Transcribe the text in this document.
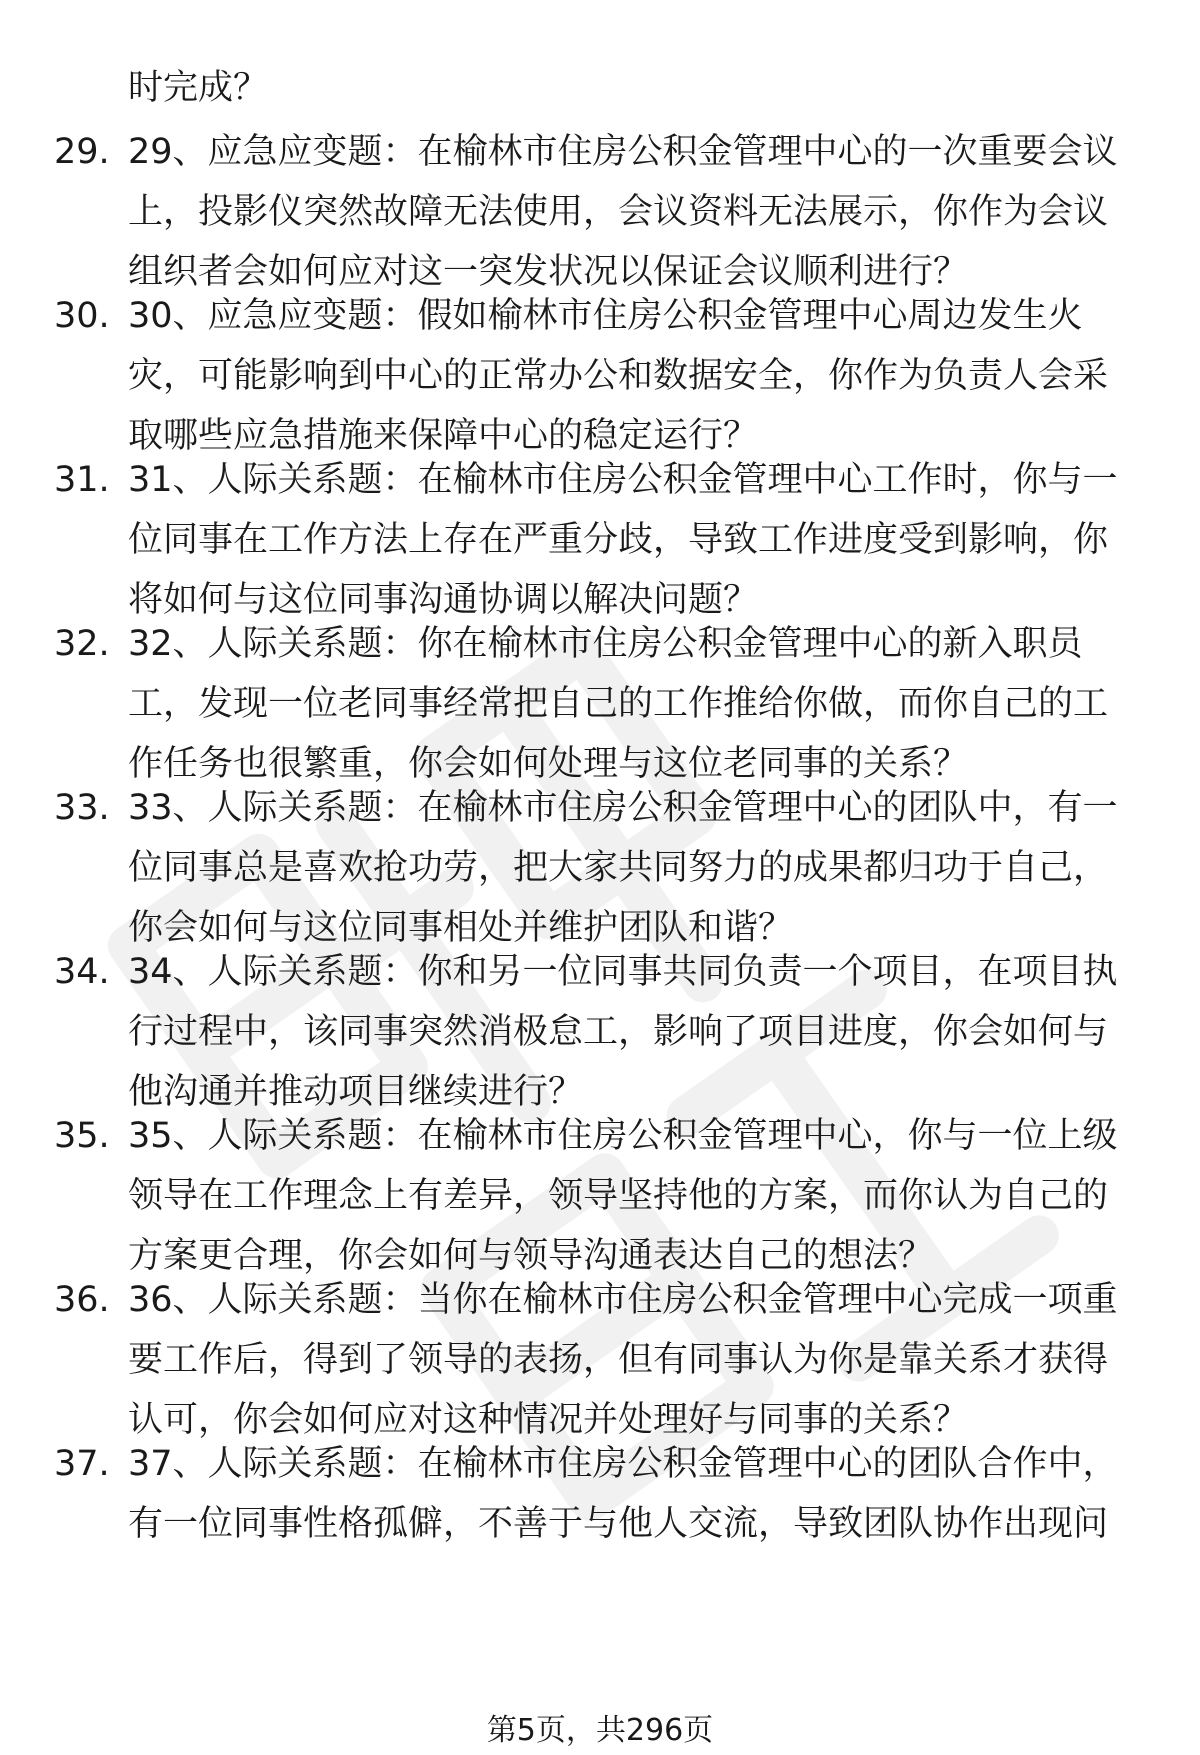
时完成？
29. 29、应急应变题：在榆林市住房公积金管理中心的一次重要会议
上，投影仪突然故障无法使用，会议资料无法展示，你作为会议
组织者会如何应对这一突发状况以保证会议顺利进行？
30. 30、应急应变题：假如榆林市住房公积金管理中心周边发生火
灾，可能影响到中心的正常办公和数据安全，你作为负责人会采
取哪些应急措施来保障中心的稳定运行？
31. 31、人际关系题：在榆林市住房公积金管理中心工作时，你与一
位同事在工作方法上存在严重分歧，导致工作进度受到影响，你
将如何与这位同事沟通协调以解决问题？
32. 32、人际关系题：你在榆林市住房公积金管理中心的新入职员
工，发现一位老同事经常把自己的工作推给你做，而你自己的工
作任务也很繁重，你会如何处理与这位老同事的关系？
33. 33、人际关系题：在榆林市住房公积金管理中心的团队中，有一
位同事总是喜欢抢功劳，把大家共同努力的成果都归功于自己，
你会如何与这位同事相处并维护团队和谐？
34. 34、人际关系题：你和另一位同事共同负责一个项目，在项目执
行过程中，该同事突然消极怠工，影响了项目进度，你会如何与
他沟通并推动项目继续进行？
35. 35、人际关系题：在榆林市住房公积金管理中心，你与一位上级
领导在工作理念上有差异，领导坚持他的方案，而你认为自己的
方案更合理，你会如何与领导沟通表达自己的想法？
36. 36、人际关系题：当你在榆林市住房公积金管理中心完成一项重
要工作后，得到了领导的表扬，但有同事认为你是靠关系才获得
认可，你会如何应对这种情况并处理好与同事的关系？
37. 37、人际关系题：在榆林市住房公积金管理中心的团队合作中，
有一位同事性格孤僻，不善于与他人交流，导致团队协作出现问
第5页，共296页
